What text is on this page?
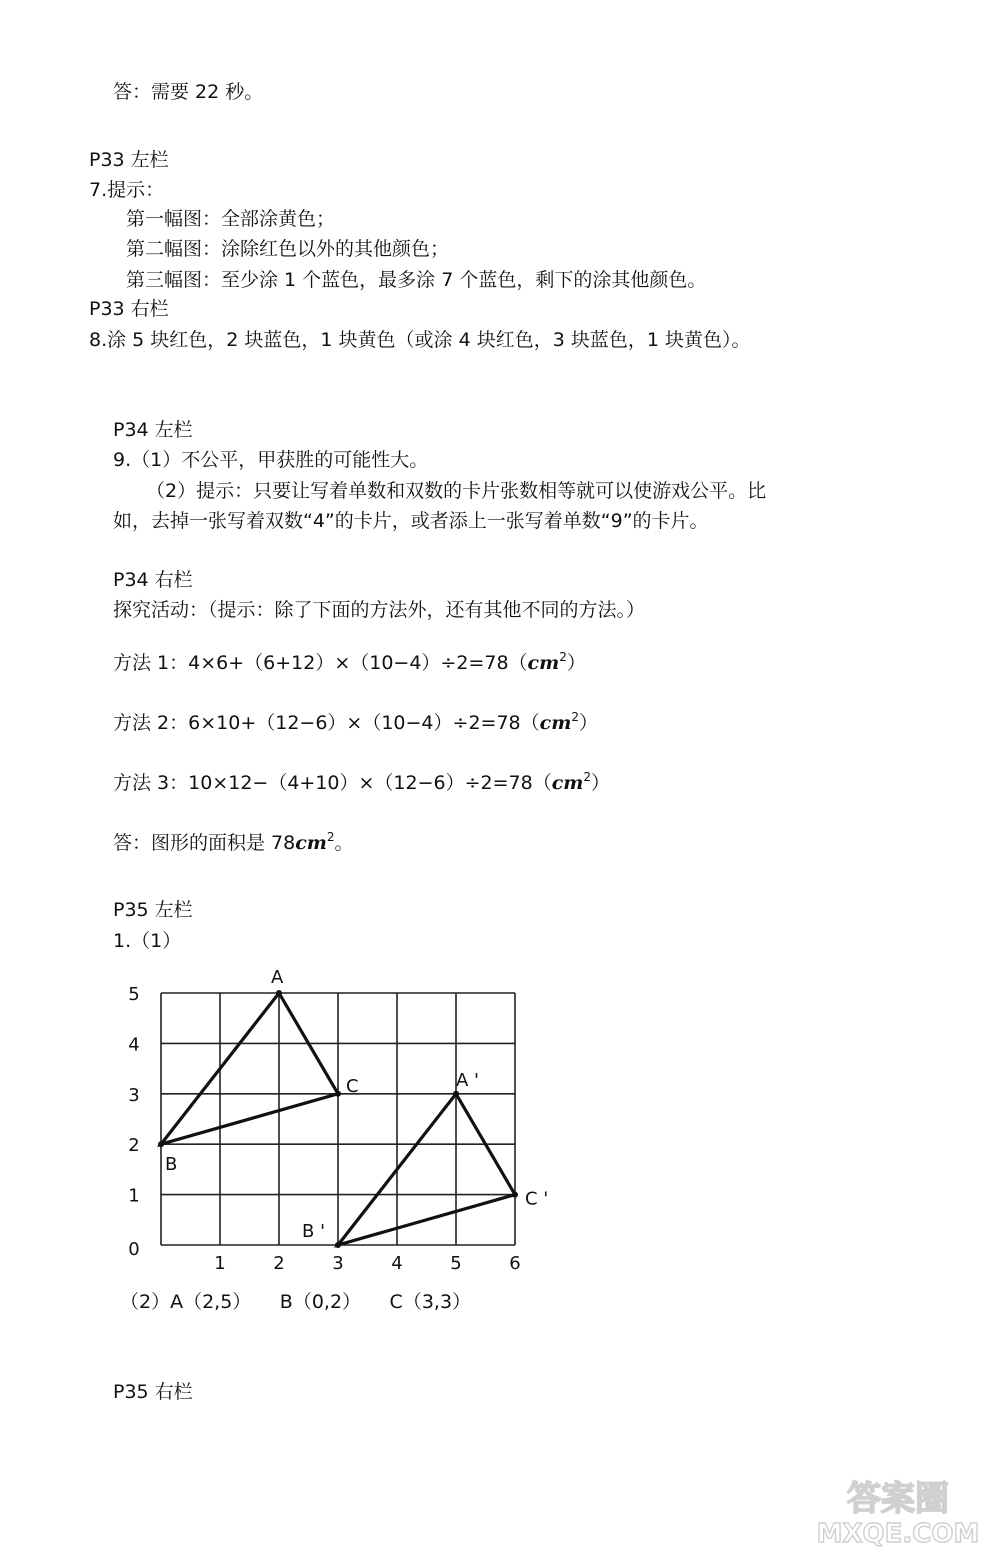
答：需要 22 秒。
P33 左栏
7.提示：
第一幅图：全部涂黄色；
第二幅图：涂除红色以外的其他颜色；
第三幅图：至少涂 1 个蓝色，最多涂 7 个蓝色，剩下的涂其他颜色。
P33 右栏
8.涂 5 块红色，2 块蓝色，1 块黄色（或涂 4 块红色，3 块蓝色，1 块黄色）。
P34 左栏
9.（1）不公平，甲获胜的可能性大。
（2）提示：只要让写着单数和双数的卡片张数相等就可以使游戏公平。比
如，去掉一张写着双数“4”的卡片，或者添上一张写着单数“9”的卡片。
P34 右栏
探究活动：（提示：除了下面的方法外，还有其他不同的方法。）
方法 1：$4\times 6+(6+12)\times(10-4)\div 2=78(cm^2)$
方法 2：$6\times 10+(12-6)\times(10-4)\div 2=78(cm^2)$
方法 3：$10\times 12-(4+10)\times(12-6)\div 2=78(cm^2)$
答：图形的面积是 $78cm^2$。
P35 左栏
1.（1）
1	2	3	4	5	6
0
1
2
3
4
5
A
B
C	A '
B '
C '
（2）A（2,5）　　B（0,2）　　C（3,3）
P35 右栏
答案圈
MXQE.COM
